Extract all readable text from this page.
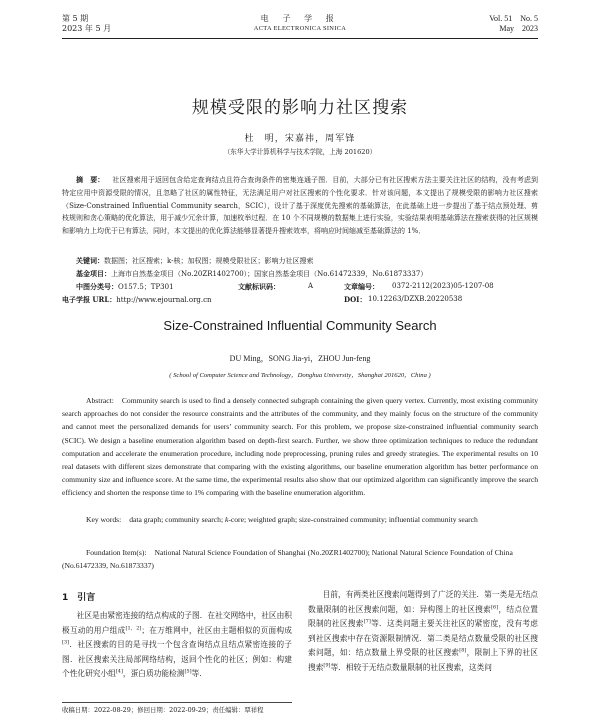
第 5 期
2023 年 5 月
电 子 学 报
ACTA ELECTRONICA SINICA
Vol. 51    No. 5
May    2023
规模受限的影响力社区搜索
杜　明，宋嘉祎，周军锋
（东华大学计算机科学与技术学院，上海 201620）
摘　要： 社区搜索用于返回包含给定查询结点且符合查询条件的密集连通子图．目前，大部分已有社区搜索方法主要关注社区的结构，没有考虑到特定应用中资源受限的情况，且忽略了社区的属性特征，无法满足用户对社区搜索的个性化要求．针对该问题，本文提出了规模受限的影响力社区搜索（Size-Constrained Influential Community search，SCIC），设计了基于深度优先搜索的基础算法，在此基础上进一步提出了基于结点预处理、剪枝规则和贪心策略的优化算法，用于减少冗余计算，加速枚举过程．在 10 个不同规模的数据集上进行实验，实验结果表明基础算法在搜索获得的社区规模和影响力上均优于已有算法，同时，本文提出的优化算法能够显著提升搜索效率，将响应时间缩减至基础算法的 1%．
关键词：数据图；社区搜索；k-核；加权图；规模受限社区；影响力社区搜索
基金项目：上海市自然基金项目（No.20ZR1402700）；国家自然基金项目（No.61472339，No.61873337）
中图分类号：O157.5；TP301	文献标识码：	A	文章编号： 0372-2112(2023)05-1207-08
电子学报 URL：http://www.ejournal.org.cn	DOI： 10.12263/DZXB.20220538
Size-Constrained Influential Community Search
DU Ming，SONG Jia-yi，ZHOU Jun-feng
( School of Computer Science and Technology，Donghua University，Shanghai 201620，China )
Abstract: Community search is used to find a densely connected subgraph containing the given query vertex. Currently, most existing community search approaches do not consider the resource constraints and the attributes of the community, and they mainly focus on the structure of the community and cannot meet the personalized demands for users’ community search. For this problem, we propose size-constrained influential community search (SCIC). We design a baseline enumeration algorithm based on depth-first search. Further, we show three optimization techniques to reduce the redundant computation and accelerate the enumeration procedure, including node preprocessing, pruning rules and greedy strategies. The experimental results on 10 real datasets with different sizes demonstrate that comparing with the existing algorithms, our baseline enumeration algorithm has better performance on community size and influence score. At the same time, the experimental results also show that our optimized algorithm can significantly improve the search efficiency and shorten the response time to 1% comparing with the baseline enumeration algorithm.
Key words: data graph; community search; k-core; weighted graph; size-constrained community; influential community search
Foundation Item(s): National Natural Science Foundation of Shanghai (No.20ZR1402700); National Natural Science Foundation of China (No.61472339, No.61873337)
1　引言

社区是由紧密连接的结点构成的子图．在社交网络中，社区由积极互动的用户组成[1，2]；在万维网中，社区由主题相似的页面构成[3]．社区搜索的目的是寻找一个包含查询结点且结点紧密连接的子图．社区搜索关注局部网络结构，返回个性化的社区；例如：构建个性化研究小组[4]，蛋白质功能检测[5]等．

目前，有两类社区搜索问题得到了广泛的关注．第一类是无结点数量限制的社区搜索问题，如：异构图上的社区搜索[6]，结点位置限制的社区搜索[7]等．这类问题主要关注社区的紧密度，没有考虑到社区搜索中存在资源限制情况．第二类是结点数量受限的社区搜索问题，如：结点数量上界受限的社区搜索[8]，限制上下界的社区搜索[9]等．相较于无结点数量限制的社区搜索，这类问

收稿日期：2022-08-29；修回日期：2022-09-29；责任编辑：覃祥程
